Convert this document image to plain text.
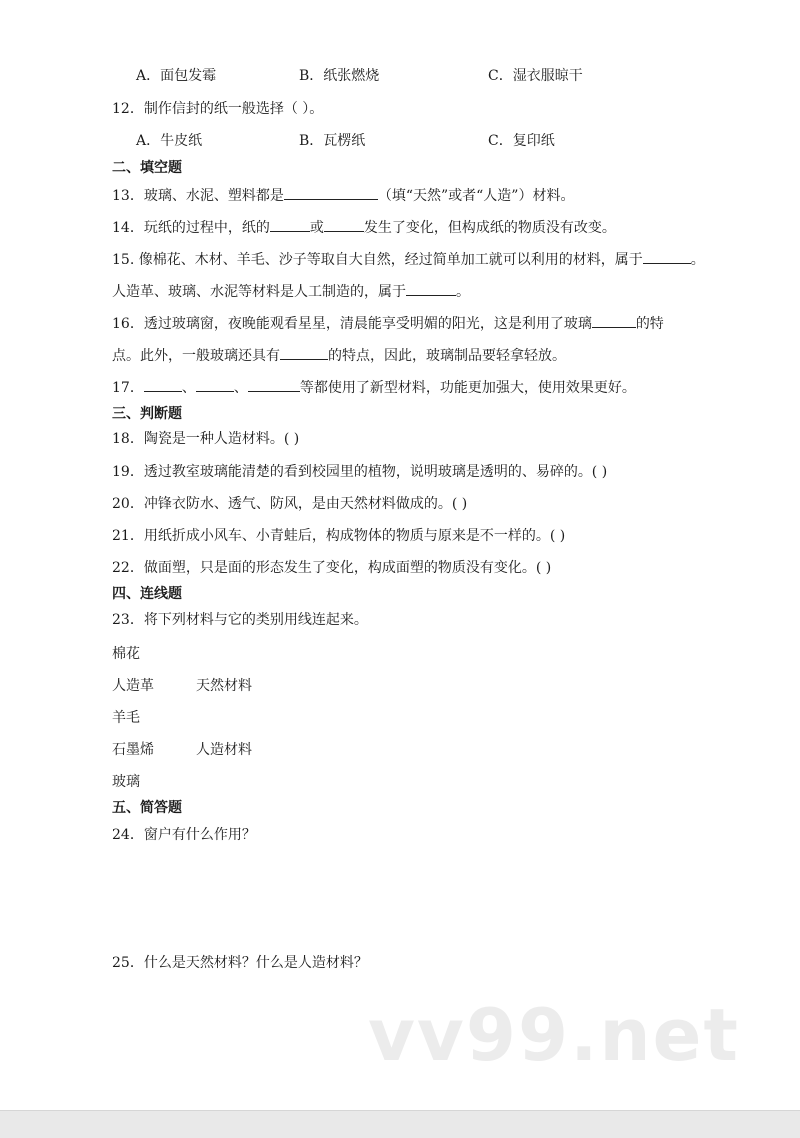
A．面包发霉	B．纸张燃烧	C．湿衣服晾干
12．制作信封的纸一般选择（ ）。
A．牛皮纸	B．瓦楞纸	C．复印纸
二、填空题
13．玻璃、水泥、塑料都是	（填“天然”或者“人造”）材料。
14．玩纸的过程中，纸的	或	发生了变化，但构成纸的物质没有改变。
15. 像棉花、木材、羊毛、沙子等取自大自然，经过简单加工就可以利用的材料，属于	。
人造革、玻璃、水泥等材料是人工制造的，属于	。
16．透过玻璃窗，夜晚能观看星星，清晨能享受明媚的阳光，这是利用了玻璃	的特
点。此外，一般玻璃还具有	的特点，因此，玻璃制品要轻拿轻放。
17．	、	、	等都使用了新型材料，功能更加强大，使用效果更好。
三、判断题
18．陶瓷是一种人造材料。( )
19．透过教室玻璃能清楚的看到校园里的植物，说明玻璃是透明的、易碎的。( )
20．冲锋衣防水、透气、防风，是由天然材料做成的。( )
21．用纸折成小风车、小青蛙后，构成物体的物质与原来是不一样的。( )
22．做面塑，只是面的形态发生了变化，构成面塑的物质没有变化。( )
四、连线题
23．将下列材料与它的类别用线连起来。
棉花
人造革	天然材料
羊毛
石墨烯	人造材料
玻璃
五、简答题
24．窗户有什么作用？
25．什么是天然材料？什么是人造材料？
vv99.net
